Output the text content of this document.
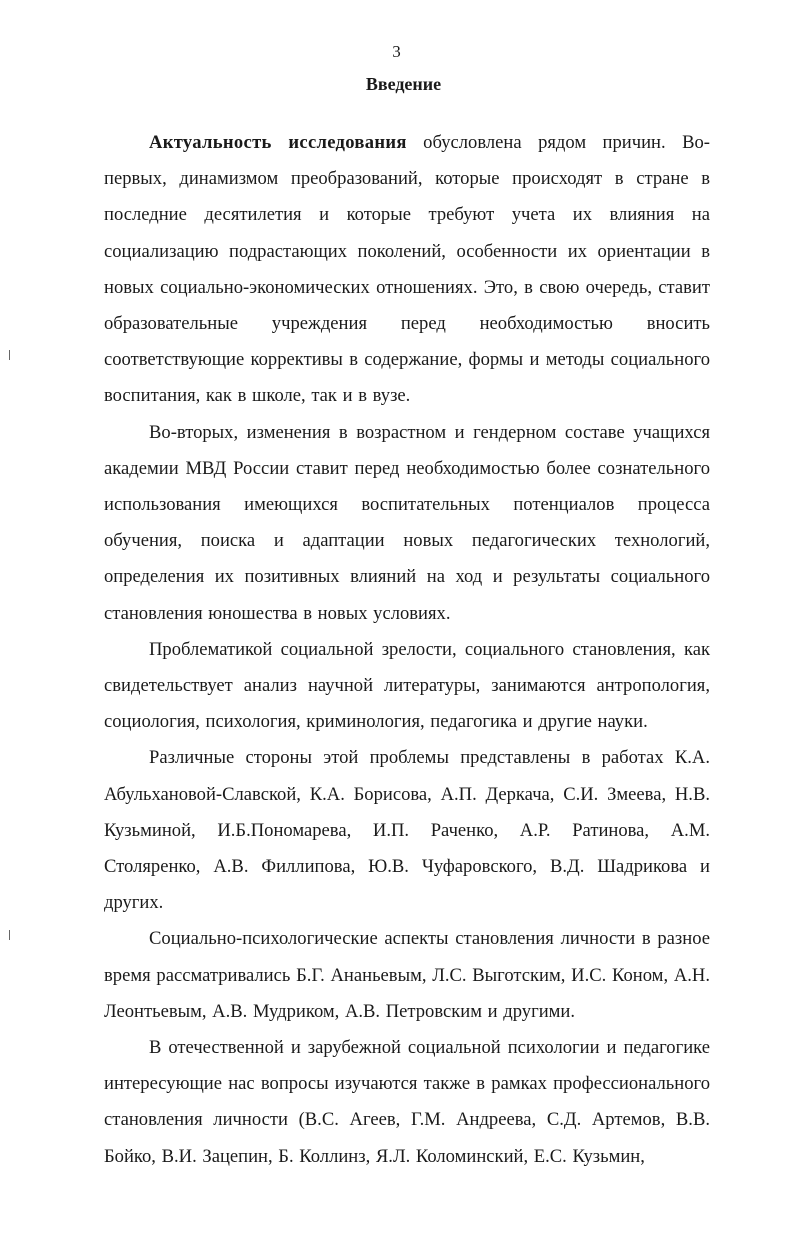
3
Введение

Актуальность исследования обусловлена рядом причин. Во-первых, динамизмом преобразований, которые происходят в стране в последние десятилетия и которые требуют учета их влияния на социализацию подрастающих поколений, особенности их ориентации в новых социально-экономических отношениях. Это, в свою очередь, ставит образовательные учреждения перед необходимостью вносить соответствующие коррективы в содержание, формы и методы социального воспитания, как в школе, так и в вузе.

Во-вторых, изменения в возрастном и гендерном составе учащихся академии МВД России ставит перед необходимостью более сознательного использования имеющихся воспитательных потенциалов процесса обучения, поиска и адаптации новых педагогических технологий, определения их позитивных влияний на ход и результаты социального становления юношества в новых условиях.

Проблематикой социальной зрелости, социального становления, как свидетельствует анализ научной литературы, занимаются антропология, социология, психология, криминология, педагогика и другие науки.

Различные стороны этой проблемы представлены в работах К.А. Абульхановой-Славской, К.А. Борисова, А.П. Деркача, С.И. Змеева, Н.В. Кузьминой, И.Б.Пономарева, И.П. Раченко, А.Р. Ратинова, А.М. Столяренко, А.В. Филлипова, Ю.В. Чуфаровского, В.Д. Шадрикова и других.

Социально-психологические аспекты становления личности в разное время рассматривались Б.Г. Ананьевым, Л.С. Выготским, И.С. Коном, А.Н. Леонтьевым, А.В. Мудриком, А.В. Петровским и другими.

В отечественной и зарубежной социальной психологии и педагогике интересующие нас вопросы изучаются также в рамках профессионального становления личности (В.С. Агеев, Г.М. Андреева, С.Д. Артемов, В.В. Бойко, В.И. Зацепин, Б. Коллинз, Я.Л. Коломинский, Е.С. Кузьмин,
